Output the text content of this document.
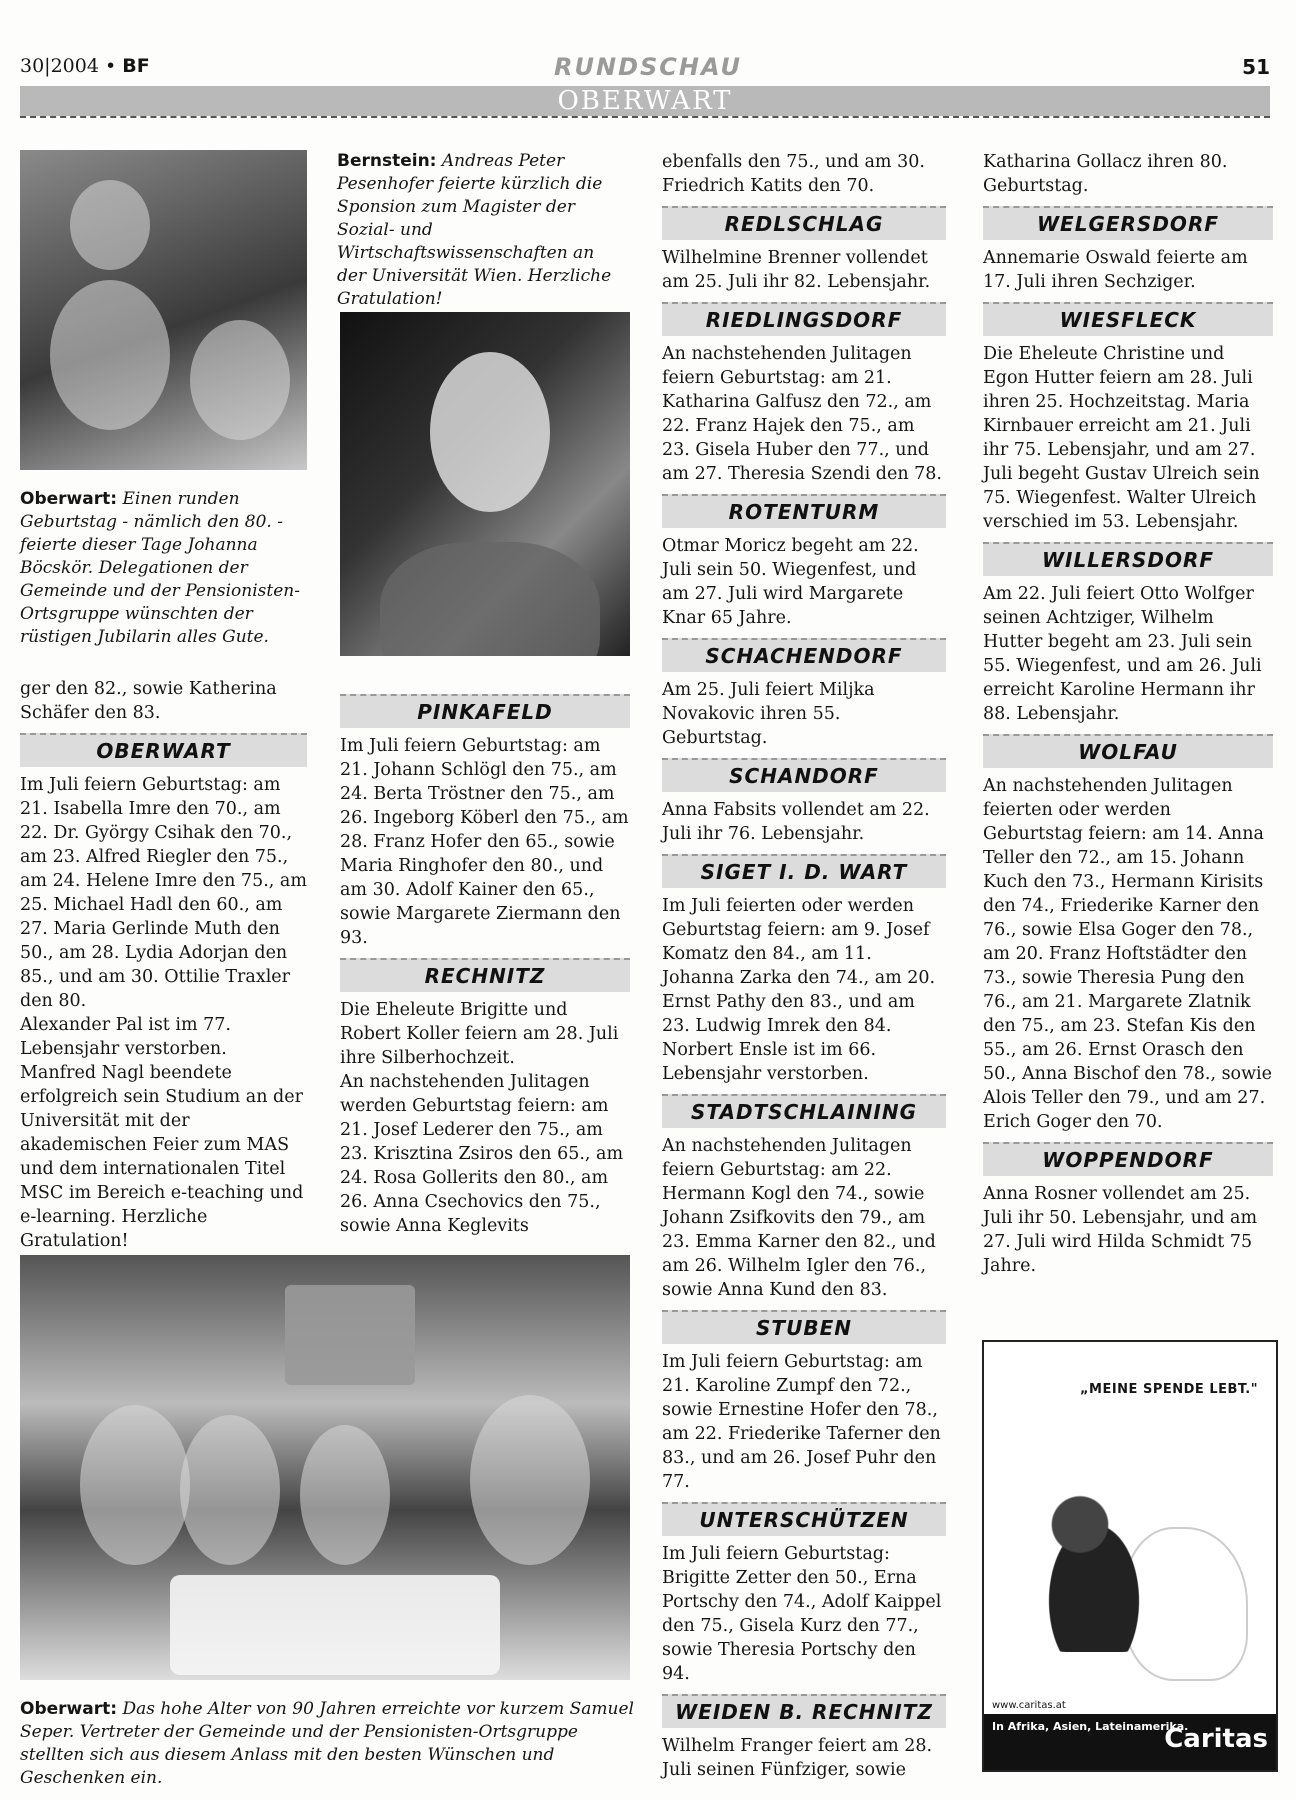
30|2004 • BF	RUNDSCHAU	51
OBERWART

Oberwart: Einen runden Geburtstag - nämlich den 80. - feierte dieser Tage Johanna Böcskör. Delegationen der Gemeinde und der Pensionisten-Ortsgruppe wünschten der rüstigen Jubilarin alles Gute.

ger den 82., sowie Katherina Schäfer den 83.

OBERWART

Im Juli feiern Geburtstag: am 21. Isabella Imre den 70., am 22. Dr. György Csihak den 70., am 23. Alfred Riegler den 75., am 24. Helene Imre den 75., am 25. Michael Hadl den 60., am 27. Maria Gerlinde Muth den 50., am 28. Lydia Adorjan den 85., und am 30. Ottilie Traxler den 80.

Alexander Pal ist im 77. Lebensjahr verstorben.

Manfred Nagl beendete erfolgreich sein Studium an der Universität mit der akademischen Feier zum MAS und dem internationalen Titel MSC im Bereich e-teaching und e-learning. Herzliche Gratulation!

Bernstein: Andreas Peter Pesenhofer feierte kürzlich die Sponsion zum Magister der Sozial- und Wirtschaftswissenschaften an der Universität Wien. Herzliche Gratulation!

PINKAFELD

Im Juli feiern Geburtstag: am 21. Johann Schlögl den 75., am 24. Berta Tröstner den 75., am 26. Ingeborg Köberl den 75., am 28. Franz Hofer den 65., sowie Maria Ringhofer den 80., und am 30. Adolf Kainer den 65., sowie Margarete Ziermann den 93.

RECHNITZ

Die Eheleute Brigitte und Robert Koller feiern am 28. Juli ihre Silberhochzeit.

An nachstehenden Julitagen werden Geburtstag feiern: am 21. Josef Lederer den 75., am 23. Krisztina Zsiros den 65., am 24. Rosa Gollerits den 80., am 26. Anna Csechovics den 75., sowie Anna Keglevits

Oberwart: Das hohe Alter von 90 Jahren erreichte vor kurzem Samuel Seper. Vertreter der Gemeinde und der Pensionisten-Ortsgruppe stellten sich aus diesem Anlass mit den besten Wünschen und Geschenken ein.

ebenfalls den 75., und am 30. Friedrich Katits den 70.

REDLSCHLAG

Wilhelmine Brenner vollendet am 25. Juli ihr 82. Lebensjahr.

RIEDLINGSDORF

An nachstehenden Julitagen feiern Geburtstag: am 21. Katharina Galfusz den 72., am 22. Franz Hajek den 75., am 23. Gisela Huber den 77., und am 27. Theresia Szendi den 78.

ROTENTURM

Otmar Moricz begeht am 22. Juli sein 50. Wiegenfest, und am 27. Juli wird Margarete Knar 65 Jahre.

SCHACHENDORF

Am 25. Juli feiert Miljka Novakovic ihren 55. Geburtstag.

SCHANDORF

Anna Fabsits vollendet am 22. Juli ihr 76. Lebensjahr.

SIGET I. D. WART

Im Juli feierten oder werden Geburtstag feiern: am 9. Josef Komatz den 84., am 11. Johanna Zarka den 74., am 20. Ernst Pathy den 83., und am 23. Ludwig Imrek den 84. Norbert Ensle ist im 66. Lebensjahr verstorben.

STADTSCHLAINING

An nachstehenden Julitagen feiern Geburtstag: am 22. Hermann Kogl den 74., sowie Johann Zsifkovits den 79., am 23. Emma Karner den 82., und am 26. Wilhelm Igler den 76., sowie Anna Kund den 83.

STUBEN

Im Juli feiern Geburtstag: am 21. Karoline Zumpf den 72., sowie Ernestine Hofer den 78., am 22. Friederike Taferner den 83., und am 26. Josef Puhr den 77.

UNTERSCHÜTZEN

Im Juli feiern Geburtstag: Brigitte Zetter den 50., Erna Portschy den 74., Adolf Kaippel den 75., Gisela Kurz den 77., sowie Theresia Portschy den 94.

WEIDEN B. RECHNITZ

Wilhelm Franger feiert am 28. Juli seinen Fünfziger, sowie

Katharina Gollacz ihren 80. Geburtstag.

WELGERSDORF

Annemarie Oswald feierte am 17. Juli ihren Sechziger.

WIESFLECK

Die Eheleute Christine und Egon Hutter feiern am 28. Juli ihren 25. Hochzeitstag. Maria Kirnbauer erreicht am 21. Juli ihr 75. Lebensjahr, und am 27. Juli begeht Gustav Ulreich sein 75. Wiegenfest. Walter Ulreich verschied im 53. Lebensjahr.

WILLERSDORF

Am 22. Juli feiert Otto Wolfger seinen Achtziger, Wilhelm Hutter begeht am 23. Juli sein 55. Wiegenfest, und am 26. Juli erreicht Karoline Hermann ihr 88. Lebensjahr.

WOLFAU

An nachstehenden Julitagen feierten oder werden Geburtstag feiern: am 14. Anna Teller den 72., am 15. Johann Kuch den 73., Hermann Kirisits den 74., Friederike Karner den 76., sowie Elsa Goger den 78., am 20. Franz Hoftstädter den 73., sowie Theresia Pung den 76., am 21. Margarete Zlatnik den 75., am 23. Stefan Kis den 55., am 26. Ernst Orasch den 50., Anna Bischof den 78., sowie Alois Teller den 79., und am 27. Erich Goger den 70.

WOPPENDORF

Anna Rosner vollendet am 25. Juli ihr 50. Lebensjahr, und am 27. Juli wird Hilda Schmidt 75 Jahre.

„MEINE SPENDE LEBT."
www.caritas.at
In Afrika, Asien, Lateinamerika.
Caritas
